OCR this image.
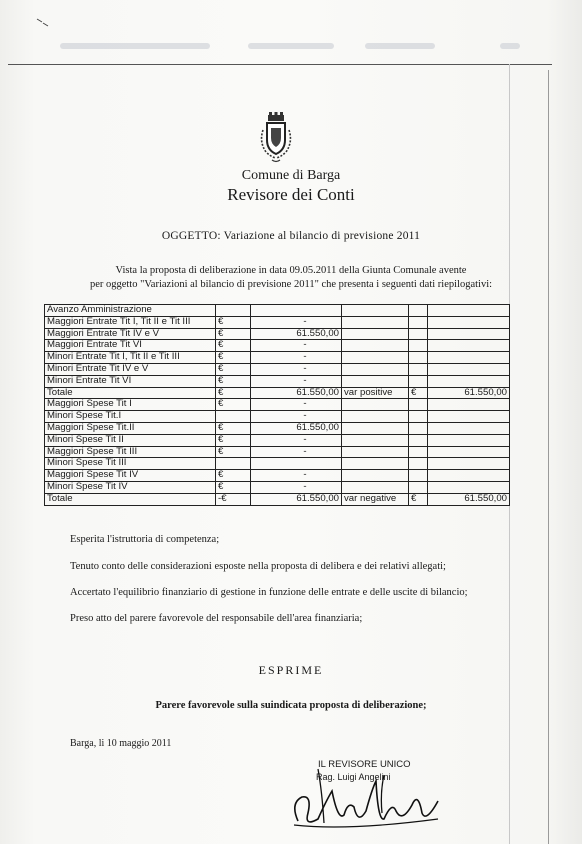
Comune di Barga
Revisore dei Conti
OGGETTO: Variazione al bilancio di previsione 2011
Vista la proposta di deliberazione in data 09.05.2011 della Giunta Comunale avente
per oggetto "Variazioni al bilancio di previsione 2011" che presenta i seguenti dati riepilogativi:
Avanzo Amministrazione					
Maggiori Entrate Tit I, Tit II e Tit III	€	-			
Maggiori Entrate Tit IV e V	€	61.550,00			
Maggiori Entrate Tit VI	€	-			
Minori Entrate Tit I, Tit II e Tit III	€	-			
Minori Entrate Tit IV e V	€	-			
Minori Entrate Tit VI	€	-			
Totale	€	61.550,00	var positive	€	61.550,00
Maggiori Spese Tit I	€	-			
Minori Spese Tit.I		-			
Maggiori Spese Tit.II	€	61.550,00			
Minori Spese Tit II	€	-			
Maggiori Spese Tit III	€	-			
Minori Spese Tit III					
Maggiori Spese Tit IV	€	-			
Minori Spese Tit IV	€	-			
Totale	-€	61.550,00	var negative	€	61.550,00
Esperita l'istruttoria di competenza;
Tenuto conto delle considerazioni esposte nella proposta di delibera e dei relativi allegati;
Accertato l'equilibrio finanziario di gestione in funzione delle entrate e delle uscite di bilancio;
Preso atto del parere favorevole del responsabile dell'area finanziaria;
ESPRIME
Parere favorevole sulla suindicata proposta di deliberazione;
Barga, li 10 maggio 2011
IL REVISORE UNICO
Rag. Luigi Angelini
